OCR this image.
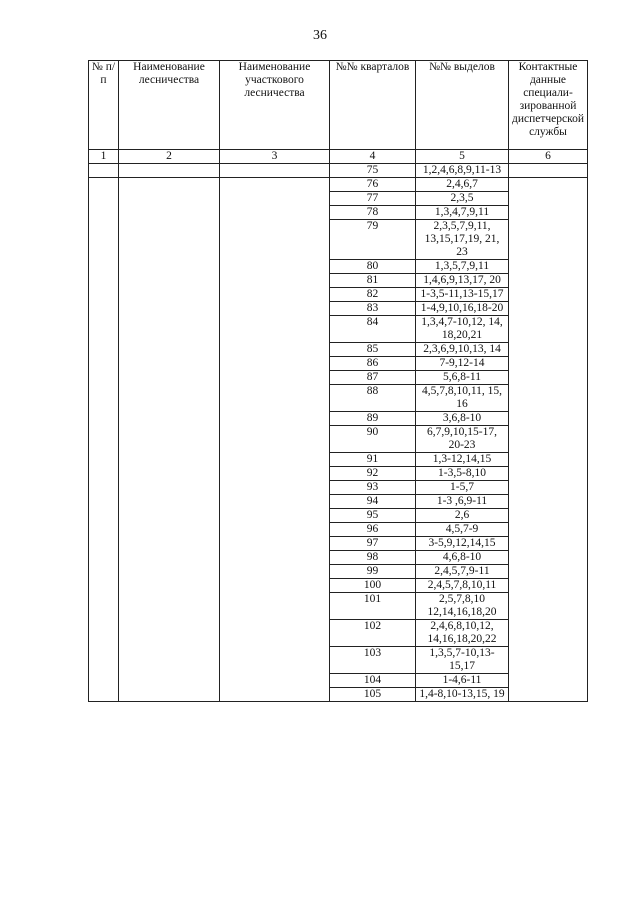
36
№ п/п	Наименование лесничества	Наименование участкового лесничества	№№ кварталов	№№ выделов	Контактные данные специали-зированной диспетчерской службы
1	2	3	4	5	6
			75	1,2,4,6,8,9,11-13	
			76	2,4,6,7	
			77	2,3,5	
			78	1,3,4,7,9,11	
			79	2,3,5,7,9,11, 13,15,17,19, 21, 23	
			80	1,3,5,7,9,11	
			81	1,4,6,9,13,17, 20	
			82	1-3,5-11,13-15,17	
			83	1-4,9,10,16,18-20	
			84	1,3,4,7-10,12, 14, 18,20,21	
			85	2,3,6,9,10,13, 14	
			86	7-9,12-14	
			87	5,6,8-11	
			88	4,5,7,8,10,11, 15, 16	
			89	3,6,8-10	
			90	6,7,9,10,15-17, 20-23	
			91	1,3-12,14,15	
			92	1-3,5-8,10	
			93	1-5,7	
			94	1-3 ,6,9-11	
			95	2,6	
			96	4,5,7-9	
			97	3-5,9,12,14,15	
			98	4,6,8-10	
			99	2,4,5,7,9-11	
			100	2,4,5,7,8,10,11	
			101	2,5,7,8,10 12,14,16,18,20	
			102	2,4,6,8,10,12, 14,16,18,20,22	
			103	1,3,5,7-10,13-15,17	
			104	1-4,6-11	
			105	1,4-8,10-13,15, 19	
